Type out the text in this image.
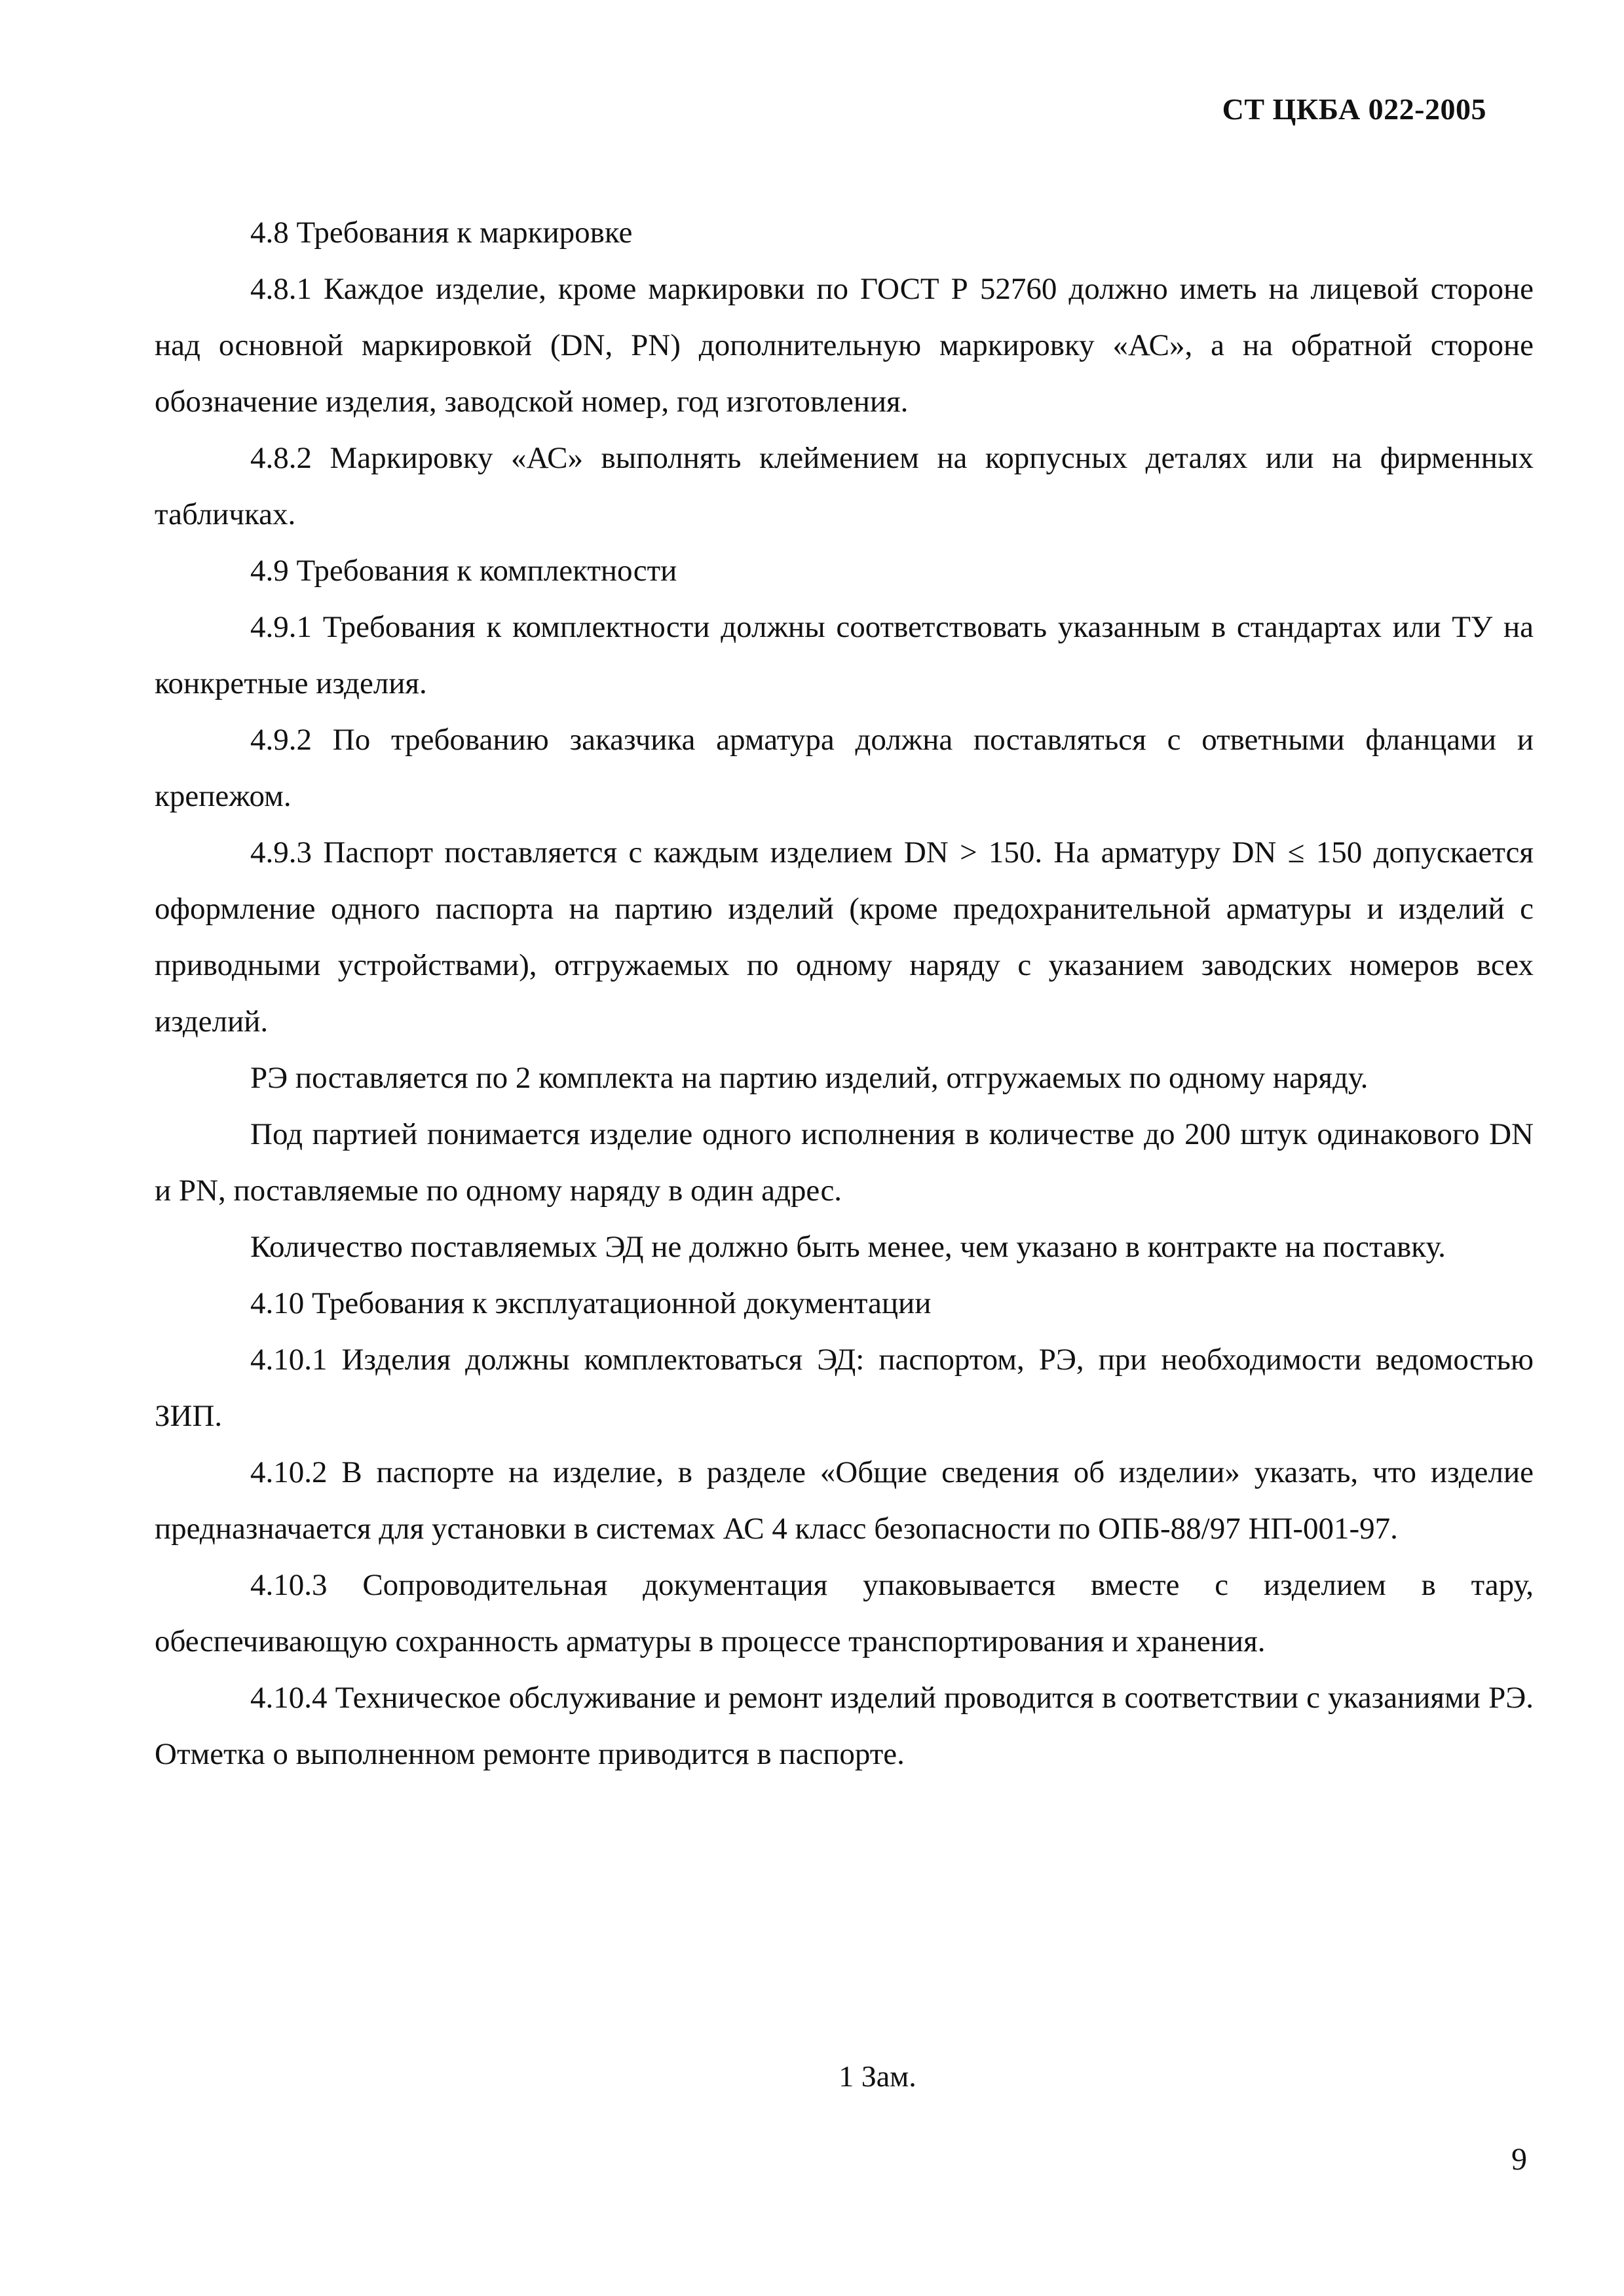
СТ ЦКБА 022-2005

4.8 Требования к маркировке

4.8.1 Каждое изделие, кроме маркировки по ГОСТ Р 52760 должно иметь на лицевой стороне над основной маркировкой (DN, PN) дополнительную маркировку «АС», а на обратной стороне обозначение изделия, заводской номер, год изготовления.

4.8.2 Маркировку «АС» выполнять клеймением на корпусных деталях или на фирменных табличках.

4.9 Требования к комплектности

4.9.1 Требования к комплектности должны соответствовать указанным в стандартах или ТУ на конкретные изделия.

4.9.2 По требованию заказчика арматура должна поставляться с ответными фланцами и крепежом.

4.9.3 Паспорт поставляется с каждым изделием DN > 150. На арматуру DN ≤ 150 допускается оформление одного паспорта на партию изделий (кроме предохранительной арматуры и изделий с приводными устройствами), отгружаемых по одному наряду с указанием заводских номеров всех изделий.

РЭ поставляется по 2 комплекта на партию изделий, отгружаемых по одному наряду.

Под партией понимается изделие одного исполнения в количестве до 200 штук одинакового DN и PN, поставляемые по одному наряду в один адрес.

Количество поставляемых ЭД не должно быть менее, чем указано в контракте на поставку.

4.10 Требования к эксплуатационной документации

4.10.1 Изделия должны комплектоваться ЭД: паспортом, РЭ, при необходимости ведомостью ЗИП.

4.10.2 В паспорте на изделие, в разделе «Общие сведения об изделии» указать, что изделие предназначается для установки в системах АС 4 класс безопасности по ОПБ-88/97 НП-001-97.

4.10.3 Сопроводительная документация упаковывается вместе с изделием в тару, обеспечивающую сохранность арматуры в процессе транспортирования и хранения.

4.10.4 Техническое обслуживание и ремонт изделий проводится в соответствии с указаниями РЭ. Отметка о выполненном ремонте приводится в паспорте.

1 Зам.
9
